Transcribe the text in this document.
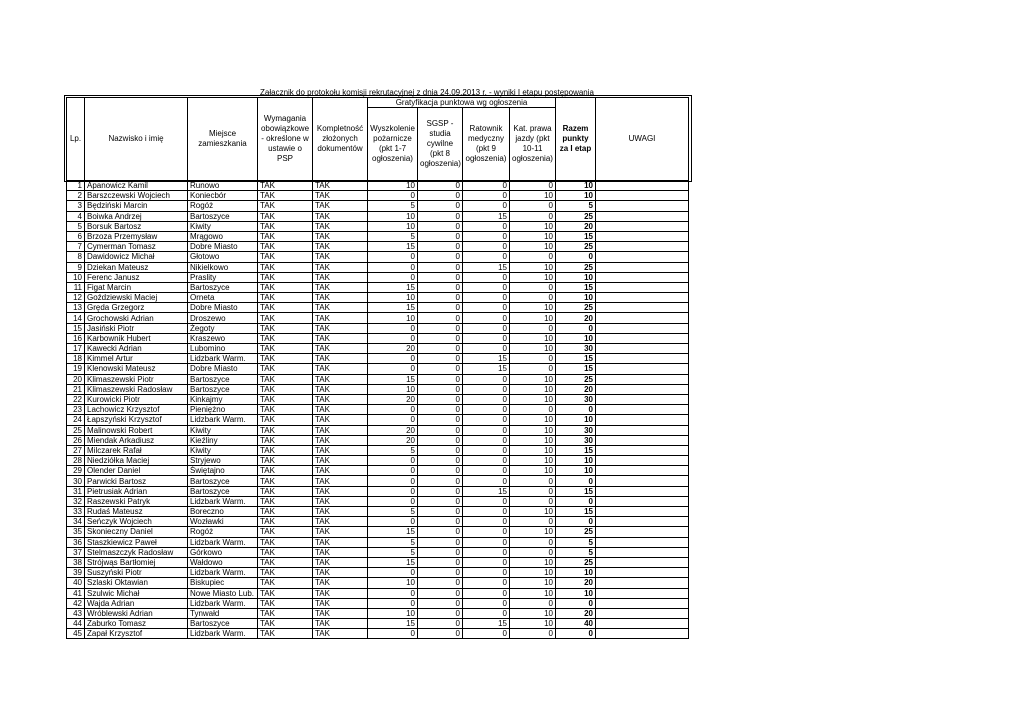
Załacznik do protokołu komisji rekrutacyjnej z dnia 24.09.2013 r. - wyniki I etapu postępowania
Lp.	Nazwisko i imię	Miejsce zamieszkania	Wymagania obowiązkowe - określone w ustawie o PSP	Kompletność złożonych dokumentów	Gratyfikacja punktowa wg ogłoszenia				Razem punkty za I etap	UWAGI
					Wyszkolenie pożarnicze (pkt 1-7 ogłoszenia)	SGSP - studia cywilne (pkt 8 ogłoszenia)	Ratownik medyczny (pkt 9 ogłoszenia)	Kat. prawa jazdy (pkt 10-11 ogłoszenia)		
1	Apanowicz Kamil	Runowo	TAK	TAK	10	0	0	0	10	
2	Barszczewski Wojciech	Koniecbór	TAK	TAK	0	0	0	10	10	
3	Będziński Marcin	Rogóż	TAK	TAK	5	0	0	0	5	
4	Boiwka Andrzej	Bartoszyce	TAK	TAK	10	0	15	0	25	
5	Borsuk Bartosz	Kiwity	TAK	TAK	10	0	0	10	20	
6	Brzoza Przemysław	Mrągowo	TAK	TAK	5	0	0	10	15	
7	Cymerman Tomasz	Dobre Miasto	TAK	TAK	15	0	0	10	25	
8	Dawidowicz Michał	Głotowo	TAK	TAK	0	0	0	0	0	
9	Dziekan Mateusz	Nikielkowo	TAK	TAK	0	0	15	10	25	
10	Ferenc Janusz	Praslity	TAK	TAK	0	0	0	10	10	
11	Figat Marcin	Bartoszyce	TAK	TAK	15	0	0	0	15	
12	Goździewski Maciej	Orneta	TAK	TAK	10	0	0	0	10	
13	Gręda Grzegorz	Dobre Miasto	TAK	TAK	15	0	0	10	25	
14	Grochowski Adrian	Droszewo	TAK	TAK	10	0	0	10	20	
15	Jasiński Piotr	Żegoty	TAK	TAK	0	0	0	0	0	
16	Karbownik Hubert	Kraszewo	TAK	TAK	0	0	0	10	10	
17	Kawecki Adrian	Lubomino	TAK	TAK	20	0	0	10	30	
18	Kimmel Artur	Lidzbark Warm.	TAK	TAK	0	0	15	0	15	
19	Klenowski Mateusz	Dobre Miasto	TAK	TAK	0	0	15	0	15	
20	Klimaszewski Piotr	Bartoszyce	TAK	TAK	15	0	0	10	25	
21	Klimaszewski Radosław	Bartoszyce	TAK	TAK	10	0	0	10	20	
22	Kurowicki Piotr	Kinkajmy	TAK	TAK	20	0	0	10	30	
23	Lachowicz Krzysztof	Pieniężno	TAK	TAK	0	0	0	0	0	
24	Łapszyński Krzysztof	Lidzbark Warm.	TAK	TAK	0	0	0	10	10	
25	Malinowski Robert	Kiwity	TAK	TAK	20	0	0	10	30	
26	Miendak Arkadiusz	Kieźliny	TAK	TAK	20	0	0	10	30	
27	Milczarek Rafał	Kiwity	TAK	TAK	5	0	0	10	15	
28	Niedziółka Maciej	Stryjewo	TAK	TAK	0	0	0	10	10	
29	Olender Daniel	Świętajno	TAK	TAK	0	0	0	10	10	
30	Parwicki Bartosz	Bartoszyce	TAK	TAK	0	0	0	0	0	
31	Pietrusiak Adrian	Bartoszyce	TAK	TAK	0	0	15	0	15	
32	Raszewski Patryk	Lidzbark Warm.	TAK	TAK	0	0	0	0	0	
33	Rudaś Mateusz	Boreczno	TAK	TAK	5	0	0	10	15	
34	Seńczyk Wojciech	Wozławki	TAK	TAK	0	0	0	0	0	
35	Skonieczny Daniel	Rogóż	TAK	TAK	15	0	0	10	25	
36	Staszkiewicz Paweł	Lidzbark Warm.	TAK	TAK	5	0	0	0	5	
37	Stelmaszczyk Radosław	Górkowo	TAK	TAK	5	0	0	0	5	
38	Strójwąs Bartłomiej	Wałdowo	TAK	TAK	15	0	0	10	25	
39	Suszyński Piotr	Lidzbark Warm.	TAK	TAK	0	0	0	10	10	
40	Szlaski Oktawian	Biskupiec	TAK	TAK	10	0	0	10	20	
41	Szulwic Michał	Nowe Miasto Lub.	TAK	TAK	0	0	0	10	10	
42	Wajda Adrian	Lidzbark Warm.	TAK	TAK	0	0	0	0	0	
43	Wróblewski Adrian	Tynwałd	TAK	TAK	10	0	0	10	20	
44	Zaburko Tomasz	Bartoszyce	TAK	TAK	15	0	15	10	40	
45	Zapał Krzysztof	Lidzbark Warm.	TAK	TAK	0	0	0	0	0	
